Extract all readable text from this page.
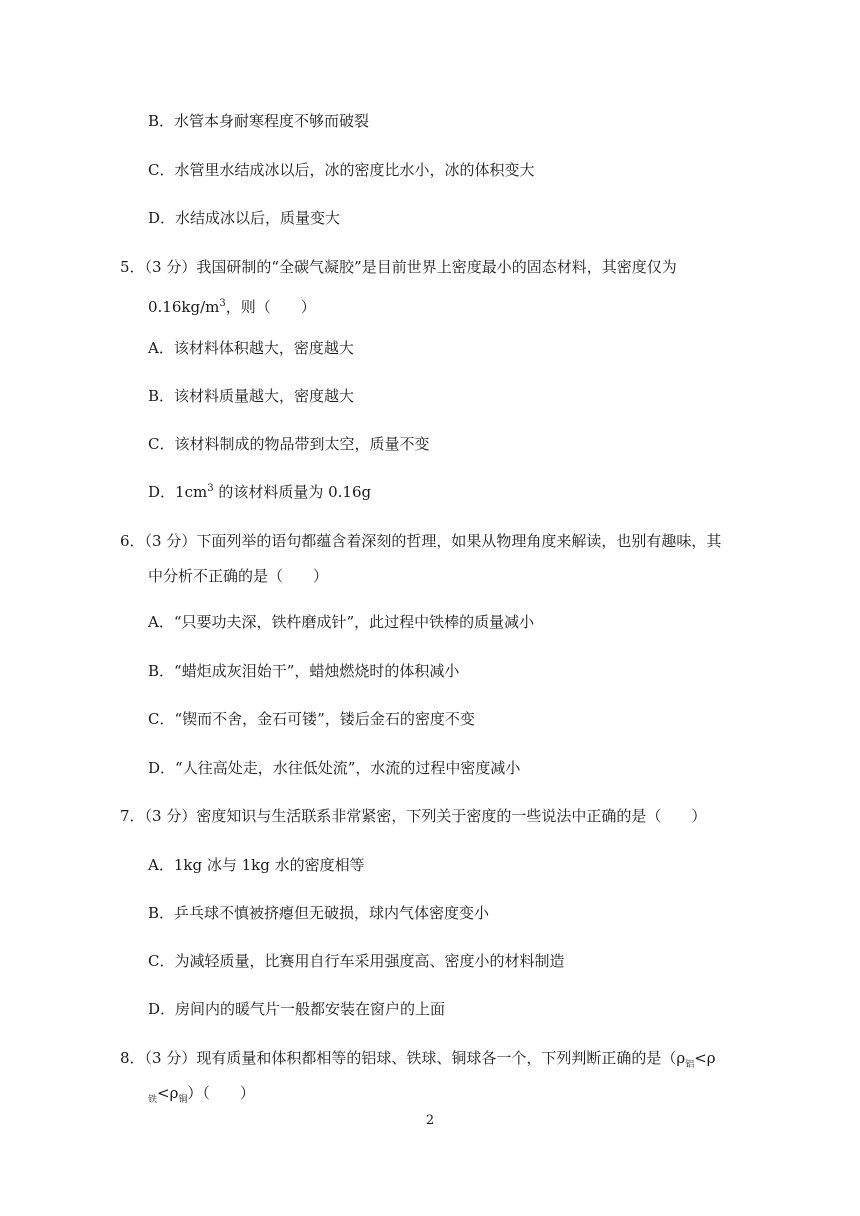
B．水管本身耐寒程度不够而破裂
C．水管里水结成冰以后，冰的密度比水小，冰的体积变大
D．水结成冰以后，质量变大
5．（3 分）我国研制的“全碳气凝胶”是目前世界上密度最小的固态材料，其密度仅为
$0.16kg/m^3$，则（　　）
A．该材料体积越大，密度越大
B．该材料质量越大，密度越大
C．该材料制成的物品带到太空，质量不变
D．$1cm^3$ 的该材料质量为 0.16g
6．（3 分）下面列举的语句都蕴含着深刻的哲理，如果从物理角度来解读，也别有趣味，其
中分析不正确的是（　　）
A．“只要功夫深，铁杵磨成针”，此过程中铁棒的质量减小
B．“蜡炬成灰泪始干”，蜡烛燃烧时的体积减小
C．“锲而不舍，金石可镂”，镂后金石的密度不变
D．“人往高处走，水往低处流”，水流的过程中密度减小
7．（3 分）密度知识与生活联系非常紧密，下列关于密度的一些说法中正确的是（　　）
A．1kg 冰与 1kg 水的密度相等
B．乒乓球不慎被挤瘪但无破损，球内气体密度变小
C．为减轻质量，比赛用自行车采用强度高、密度小的材料制造
D．房间内的暖气片一般都安装在窗户的上面
8．（3 分）现有质量和体积都相等的铝球、铁球、铜球各一个，下列判断正确的是（$\rho_铝<\rho$
$_铁<\rho_铜$）（　　）
2
